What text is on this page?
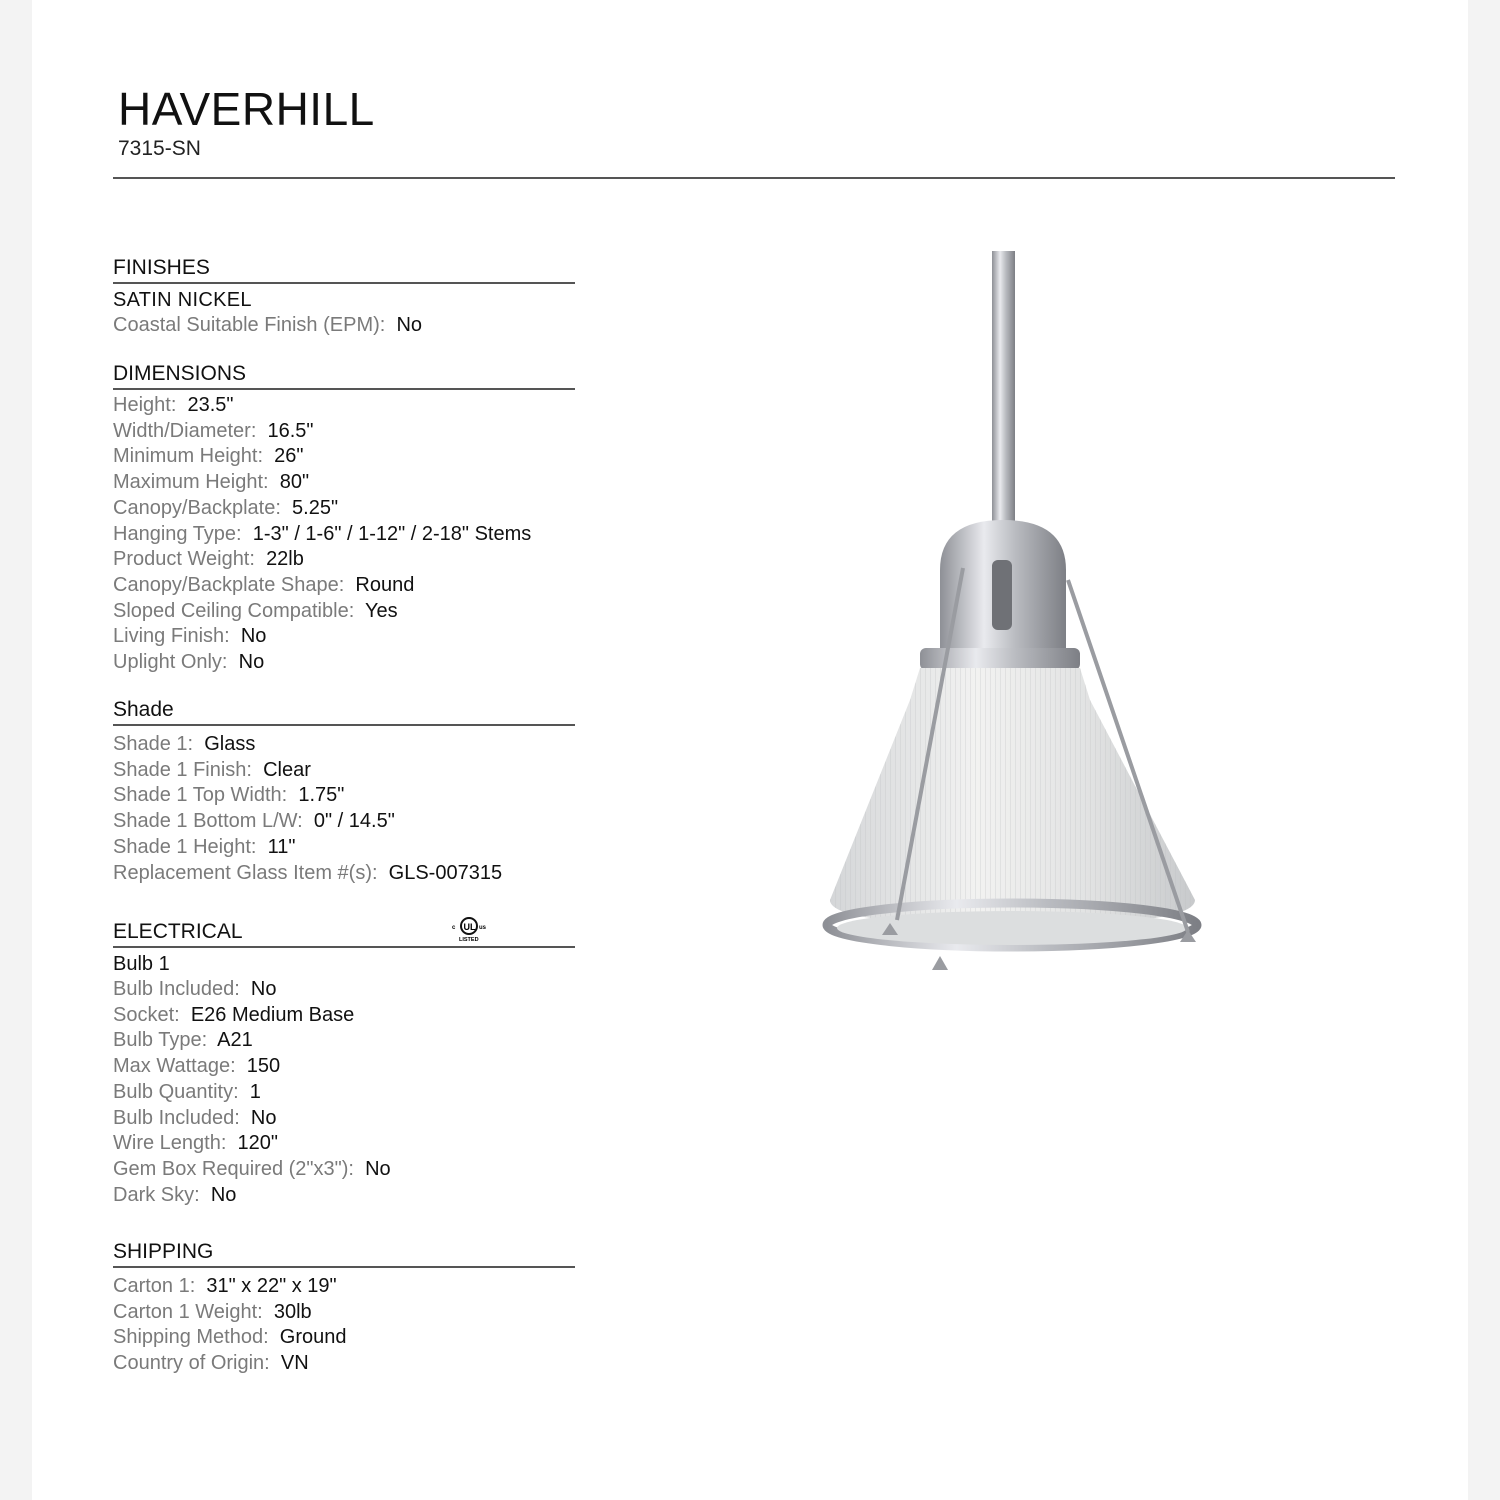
HAVERHILL
7315-SN
FINISHES
SATIN NICKEL
Coastal Suitable Finish (EPM): No
DIMENSIONS
Height: 23.5"
Width/Diameter: 16.5"
Minimum Height: 26"
Maximum Height: 80"
Canopy/Backplate: 5.25"
Hanging Type: 1-3" / 1-6" / 1-12" / 2-18" Stems
Product Weight: 22lb
Canopy/Backplate Shape: Round
Sloped Ceiling Compatible: Yes
Living Finish: No
Uplight Only: No
Shade
Shade 1: Glass
Shade 1 Finish: Clear
Shade 1 Top Width: 1.75"
Shade 1 Bottom L/W: 0" / 14.5"
Shade 1 Height: 11"
Replacement Glass Item #(s): GLS-007315
ELECTRICAL	c UL us
LISTED
Bulb 1
Bulb Included: No
Socket: E26 Medium Base
Bulb Type: A21
Max Wattage: 150
Bulb Quantity: 1
Bulb Included: No
Wire Length: 120"
Gem Box Required (2"x3"): No
Dark Sky: No
SHIPPING
Carton 1: 31" x 22" x 19"
Carton 1 Weight: 30lb
Shipping Method: Ground
Country of Origin: VN
